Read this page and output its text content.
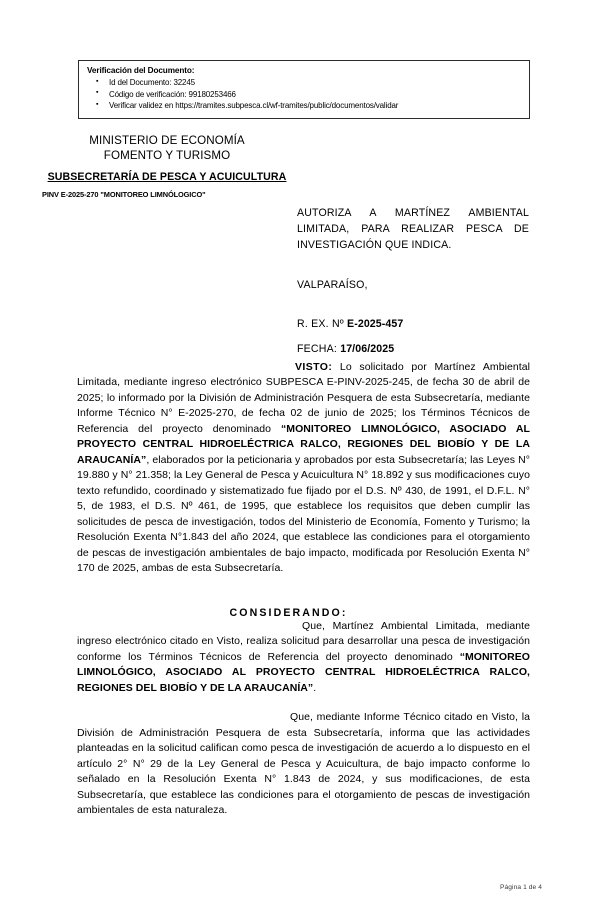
Verificación del Documento:
▪ Id del Documento: 32245
▪ Código de verificación: 99180253466
▪ Verificar validez en https://tramites.subpesca.cl/wf-tramites/public/documentos/validar
MINISTERIO DE ECONOMÍA
FOMENTO Y TURISMO
SUBSECRETARÍA DE PESCA Y ACUICULTURA
PINV E-2025-270 "MONITOREO LIMNÓLOGICO"
AUTORIZA A MARTÍNEZ AMBIENTAL LIMITADA, PARA REALIZAR PESCA DE INVESTIGACIÓN QUE INDICA.
VALPARAÍSO,
R. EX. Nº E-2025-457
FECHA: 17/06/2025

VISTO: Lo solicitado por Martínez Ambiental Limitada, mediante ingreso electrónico SUBPESCA E-PINV-2025-245, de fecha 30 de abril de 2025; lo informado por la División de Administración Pesquera de esta Subsecretaría, mediante Informe Técnico N° E-2025-270, de fecha 02 de junio de 2025; los Términos Técnicos de Referencia del proyecto denominado “MONITOREO LIMNOLÓGICO, ASOCIADO AL PROYECTO CENTRAL HIDROELÉCTRICA RALCO, REGIONES DEL BIOBÍO Y DE LA ARAUCANÍA”, elaborados por la peticionaria y aprobados por esta Subsecretaría; las Leyes N° 19.880 y N° 21.358; la Ley General de Pesca y Acuicultura N° 18.892 y sus modificaciones cuyo texto refundido, coordinado y sistematizado fue fijado por el D.S. Nº 430, de 1991, el D.F.L. N° 5, de 1983, el D.S. Nº 461, de 1995, que establece los requisitos que deben cumplir las solicitudes de pesca de investigación, todos del Ministerio de Economía, Fomento y Turismo; la Resolución Exenta N°1.843 del año 2024, que establece las condiciones para el otorgamiento de pescas de investigación ambientales de bajo impacto, modificada por Resolución Exenta N° 170 de 2025, ambas de esta Subsecretaría.

CONSIDERANDO:

Que, Martínez Ambiental Limitada, mediante ingreso electrónico citado en Visto, realiza solicitud para desarrollar una pesca de investigación conforme los Términos Técnicos de Referencia del proyecto denominado “MONITOREO LIMNOLÓGICO, ASOCIADO AL PROYECTO CENTRAL HIDROELÉCTRICA RALCO, REGIONES DEL BIOBÍO Y DE LA ARAUCANÍA”.

Que, mediante Informe Técnico citado en Visto, la División de Administración Pesquera de esta Subsecretaría, informa que las actividades planteadas en la solicitud califican como pesca de investigación de acuerdo a lo dispuesto en el artículo 2° N° 29 de la Ley General de Pesca y Acuicultura, de bajo impacto conforme lo señalado en la Resolución Exenta N° 1.843 de 2024, y sus modificaciones, de esta Subsecretaría, que establece las condiciones para el otorgamiento de pescas de investigación ambientales de esta naturaleza.

Página 1 de 4
